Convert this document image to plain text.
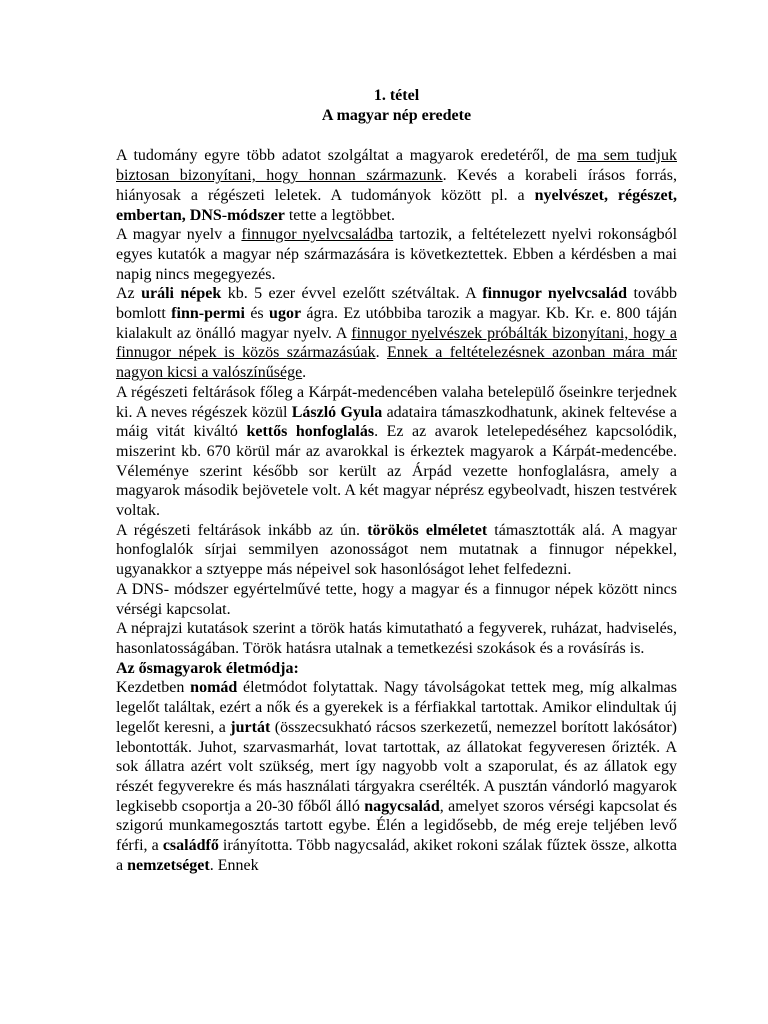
1. tétel

A magyar nép eredete

A tudomány egyre több adatot szolgáltat a magyarok eredetéről, de ma sem tudjuk biztosan bizonyítani, hogy honnan származunk. Kevés a korabeli írásos forrás, hiányosak a régészeti leletek. A tudományok között pl. a nyelvészet, régészet, embertan, DNS-módszer tette a legtöbbet.

A magyar nyelv a finnugor nyelvcsaládba tartozik, a feltételezett nyelvi rokonságból egyes kutatók a magyar nép származására is következtettek. Ebben a kérdésben a mai napig nincs megegyezés.

Az uráli népek kb. 5 ezer évvel ezelőtt szétváltak. A finnugor nyelvcsalád tovább bomlott finn-permi és ugor ágra. Ez utóbbiba tarozik a magyar. Kb. Kr. e. 800 táján kialakult az önálló magyar nyelv. A finnugor nyelvészek próbálták bizonyítani, hogy a finnugor népek is közös származásúak. Ennek a feltételezésnek azonban mára már nagyon kicsi a valószínűsége.

A régészeti feltárások főleg a Kárpát-medencében valaha betelepülő őseinkre terjednek ki. A neves régészek közül László Gyula adataira támaszkodhatunk, akinek feltevése a máig vitát kiváltó kettős honfoglalás. Ez az avarok letelepedéséhez kapcsolódik, miszerint kb. 670 körül már az avarokkal is érkeztek magyarok a Kárpát-medencébe. Véleménye szerint később sor került az Árpád vezette honfoglalásra, amely a magyarok második bejövetele volt. A két magyar néprész egybeolvadt, hiszen testvérek voltak.

A régészeti feltárások inkább az ún. törökös elméletet támasztották alá. A magyar honfoglalók sírjai semmilyen azonosságot nem mutatnak a finnugor népekkel, ugyanakkor a sztyeppe más népeivel sok hasonlóságot lehet felfedezni.

A DNS- módszer egyértelművé tette, hogy a magyar és a finnugor népek között nincs vérségi kapcsolat.

A néprajzi kutatások szerint a török hatás kimutatható a fegyverek, ruházat, hadviselés, hasonlatosságában. Török hatásra utalnak a temetkezési szokások és a rovásírás is.

Az ősmagyarok életmódja:

Kezdetben nomád életmódot folytattak. Nagy távolságokat tettek meg, míg alkalmas legelőt találtak, ezért a nők és a gyerekek is a férfiakkal tartottak. Amikor elindultak új legelőt keresni, a jurtát (összecsukható rácsos szerkezetű, nemezzel borított lakósátor) lebontották. Juhot, szarvasmarhát, lovat tartottak, az állatokat fegyveresen őrizték. A sok állatra azért volt szükség, mert így nagyobb volt a szaporulat, és az állatok egy részét fegyverekre és más használati tárgyakra cserélték. A pusztán vándorló magyarok legkisebb csoportja a 20-30 főből álló nagycsalád, amelyet szoros vérségi kapcsolat és szigorú munkamegosztás tartott egybe. Élén a legidősebb, de még ereje teljében levő férfi, a családfő irányította. Több nagycsalád, akiket rokoni szálak fűztek össze, alkotta a nemzetséget. Ennek
